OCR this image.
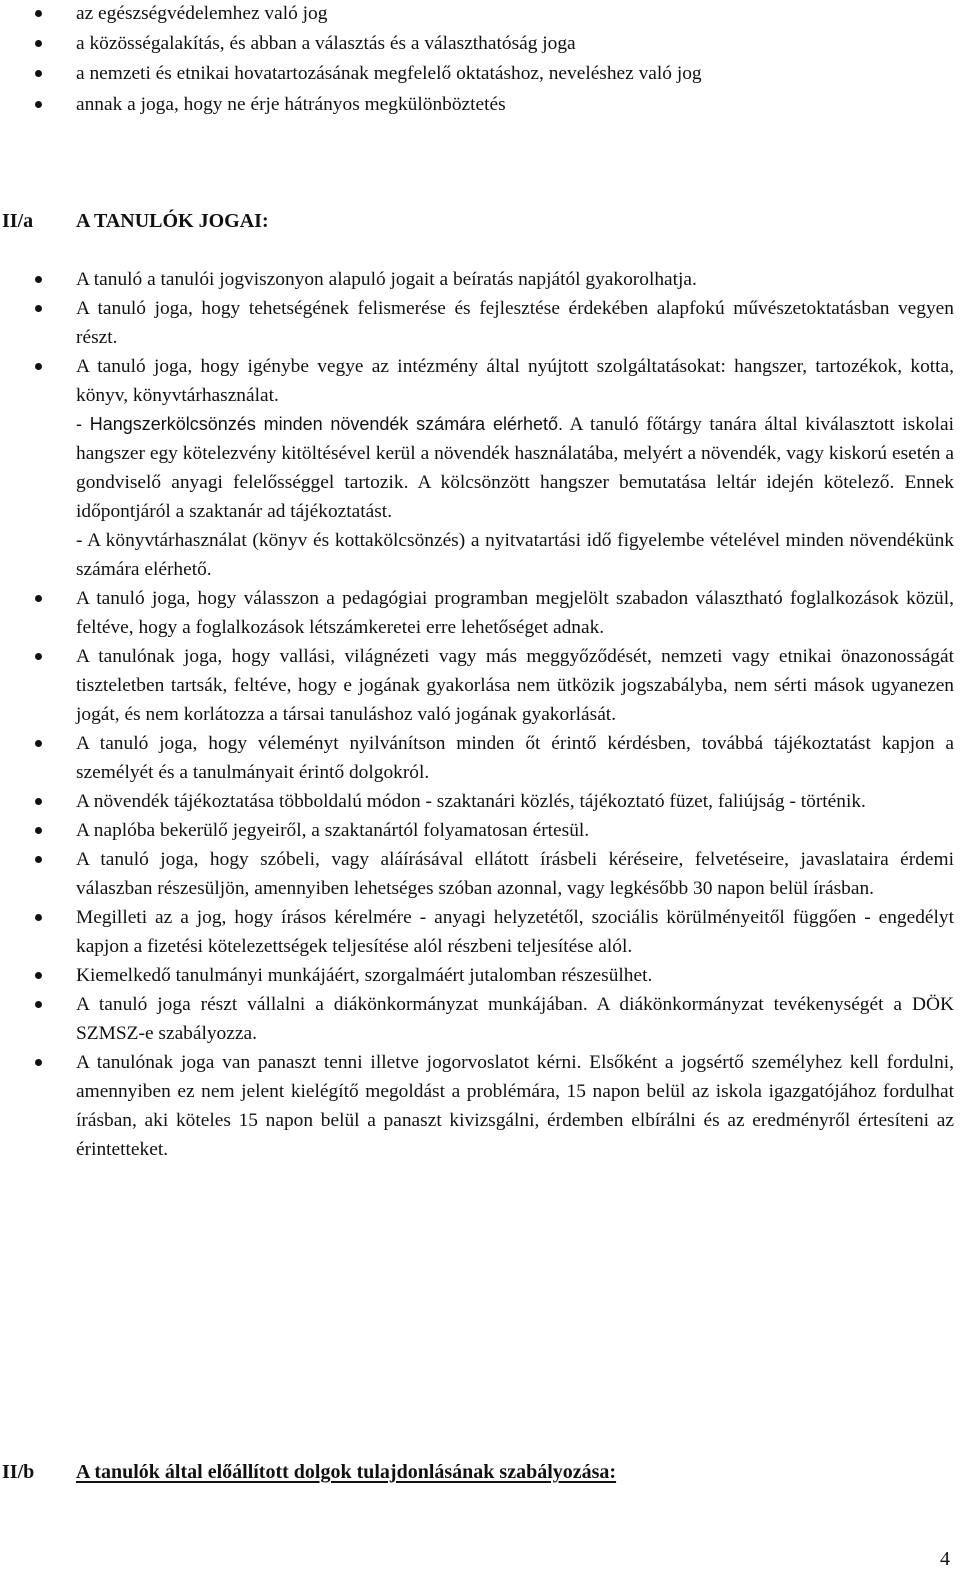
az egészségvédelemhez való jog
a közösségalakítás, és abban a választás és a választhatóság joga
a nemzeti és etnikai hovatartozásának megfelelő oktatáshoz, neveléshez való jog
annak a joga, hogy ne érje hátrányos megkülönböztetés
II/a A TANULÓK JOGAI:
A tanuló a tanulói jogviszonyon alapuló jogait a beíratás napjától gyakorolhatja.
A tanuló joga, hogy tehetségének felismerése és fejlesztése érdekében alapfokú művészetoktatásban vegyen részt.
A tanuló joga, hogy igénybe vegye az intézmény által nyújtott szolgáltatásokat: hangszer, tartozékok, kotta, könyv, könyvtárhasználat.
- Hangszerkölcsönzés minden növendék számára elérhető. A tanuló főtárgy tanára által kiválasztott iskolai hangszer egy kötelezvény kitöltésével kerül a növendék használatába, melyért a növendék, vagy kiskorú esetén a gondviselő anyagi felelősséggel tartozik. A kölcsönzött hangszer bemutatása leltár idején kötelező. Ennek időpontjáról a szaktanár ad tájékoztatást.
- A könyvtárhasználat (könyv és kottakölcsönzés) a nyitvatartási idő figyelembe vételével minden növendékünk számára elérhető.
A tanuló joga, hogy válasszon a pedagógiai programban megjelölt szabadon választható foglalkozások közül, feltéve, hogy a foglalkozások létszámkeretei erre lehetőséget adnak.
A tanulónak joga, hogy vallási, világnézeti vagy más meggyőződését, nemzeti vagy etnikai önazonosságát tiszteletben tartsák, feltéve, hogy e jogának gyakorlása nem ütközik jogszabályba, nem sérti mások ugyanezen jogát, és nem korlátozza a társai tanuláshoz való jogának gyakorlását.
A tanuló joga, hogy véleményt nyilvánítson minden őt érintő kérdésben, továbbá tájékoztatást kapjon a személyét és a tanulmányait érintő dolgokról.
A növendék tájékoztatása többoldalú módon - szaktanári közlés, tájékoztató füzet, faliújság - történik.
A naplóba bekerülő jegyeiről, a szaktanártól folyamatosan értesül.
A tanuló joga, hogy szóbeli, vagy aláírásával ellátott írásbeli kéréseire, felvetéseire, javaslataira érdemi válaszban részesüljön, amennyiben lehetséges szóban azonnal, vagy legkésőbb 30 napon belül írásban.
Megilleti az a jog, hogy írásos kérelmére - anyagi helyzetétől, szociális körülményeitől függően - engedélyt kapjon a fizetési kötelezettségek teljesítése alól részbeni teljesítése alól.
Kiemelkedő tanulmányi munkájáért, szorgalmáért jutalomban részesülhet.
A tanuló joga részt vállalni a diákönkormányzat munkájában. A diákönkormányzat tevékenységét a DÖK SZMSZ-e szabályozza.
A tanulónak joga van panaszt tenni illetve jogorvoslatot kérni. Elsőként a jogsértő személyhez kell fordulni, amennyiben ez nem jelent kielégítő megoldást a problémára, 15 napon belül az iskola igazgatójához fordulhat írásban, aki köteles 15 napon belül a panaszt kivizsgálni, érdemben elbírálni és az eredményről értesíteni az érintetteket.
II/b A tanulók által előállított dolgok tulajdonlásának szabályozása:
4
